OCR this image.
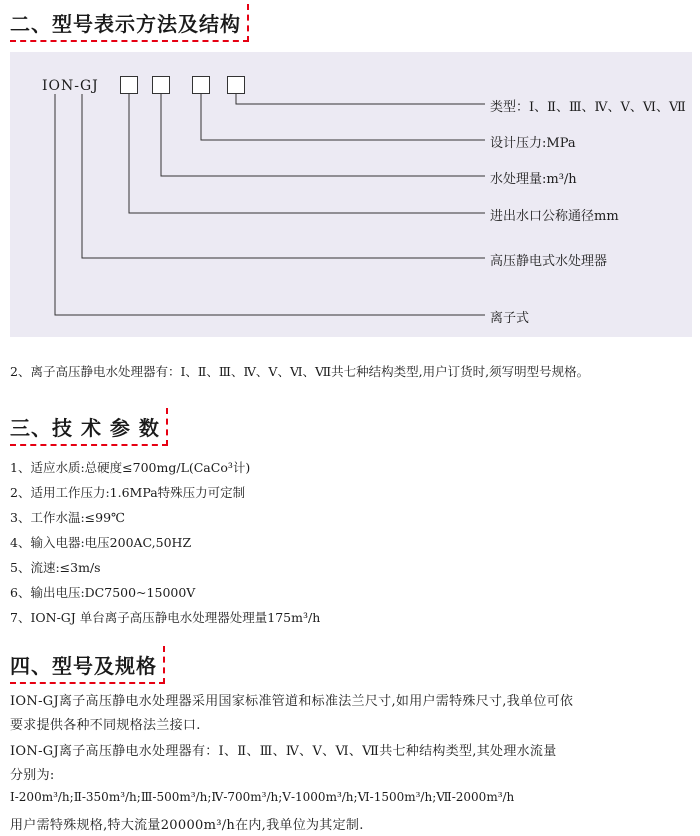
二、型号表示方法及结构
ION-GJ
类型：Ⅰ、Ⅱ、Ⅲ、Ⅳ、Ⅴ、Ⅵ、Ⅶ
设计压力:MPa
水处理量:m³/h
进出水口公称通径mm
高压静电式水处理器
离子式
2、离子高压静电水处理器有：Ⅰ、Ⅱ、Ⅲ、Ⅳ、Ⅴ、Ⅵ、Ⅶ共七种结构类型,用户订货时,须写明型号规格。
三、技 术 参 数
1、适应水质:总硬度≤700mg/L(CaCo³计)
2、适用工作压力:1.6MPa特殊压力可定制
3、工作水温:≤99℃
4、输入电器:电压200AC,50HZ
5、流速:≤3m/s
6、输出电压:DC7500~15000V
7、ION-GJ 单台离子高压静电水处理器处理量175m³/h
四、型号及规格
ION-GJ离子高压静电水处理器采用国家标准管道和标准法兰尺寸,如用户需特殊尺寸,我单位可依
要求提供各种不同规格法兰接口.
ION-GJ离子高压静电水处理器有：Ⅰ、Ⅱ、Ⅲ、Ⅳ、Ⅴ、Ⅵ、Ⅶ共七种结构类型,其处理水流量
分别为:
Ⅰ-200m³/h;Ⅱ-350m³/h;Ⅲ-500m³/h;Ⅳ-700m³/h;Ⅴ-1000m³/h;Ⅵ-1500m³/h;Ⅶ-2000m³/h
用户需特殊规格,特大流量20000m³/h在内,我单位为其定制.
